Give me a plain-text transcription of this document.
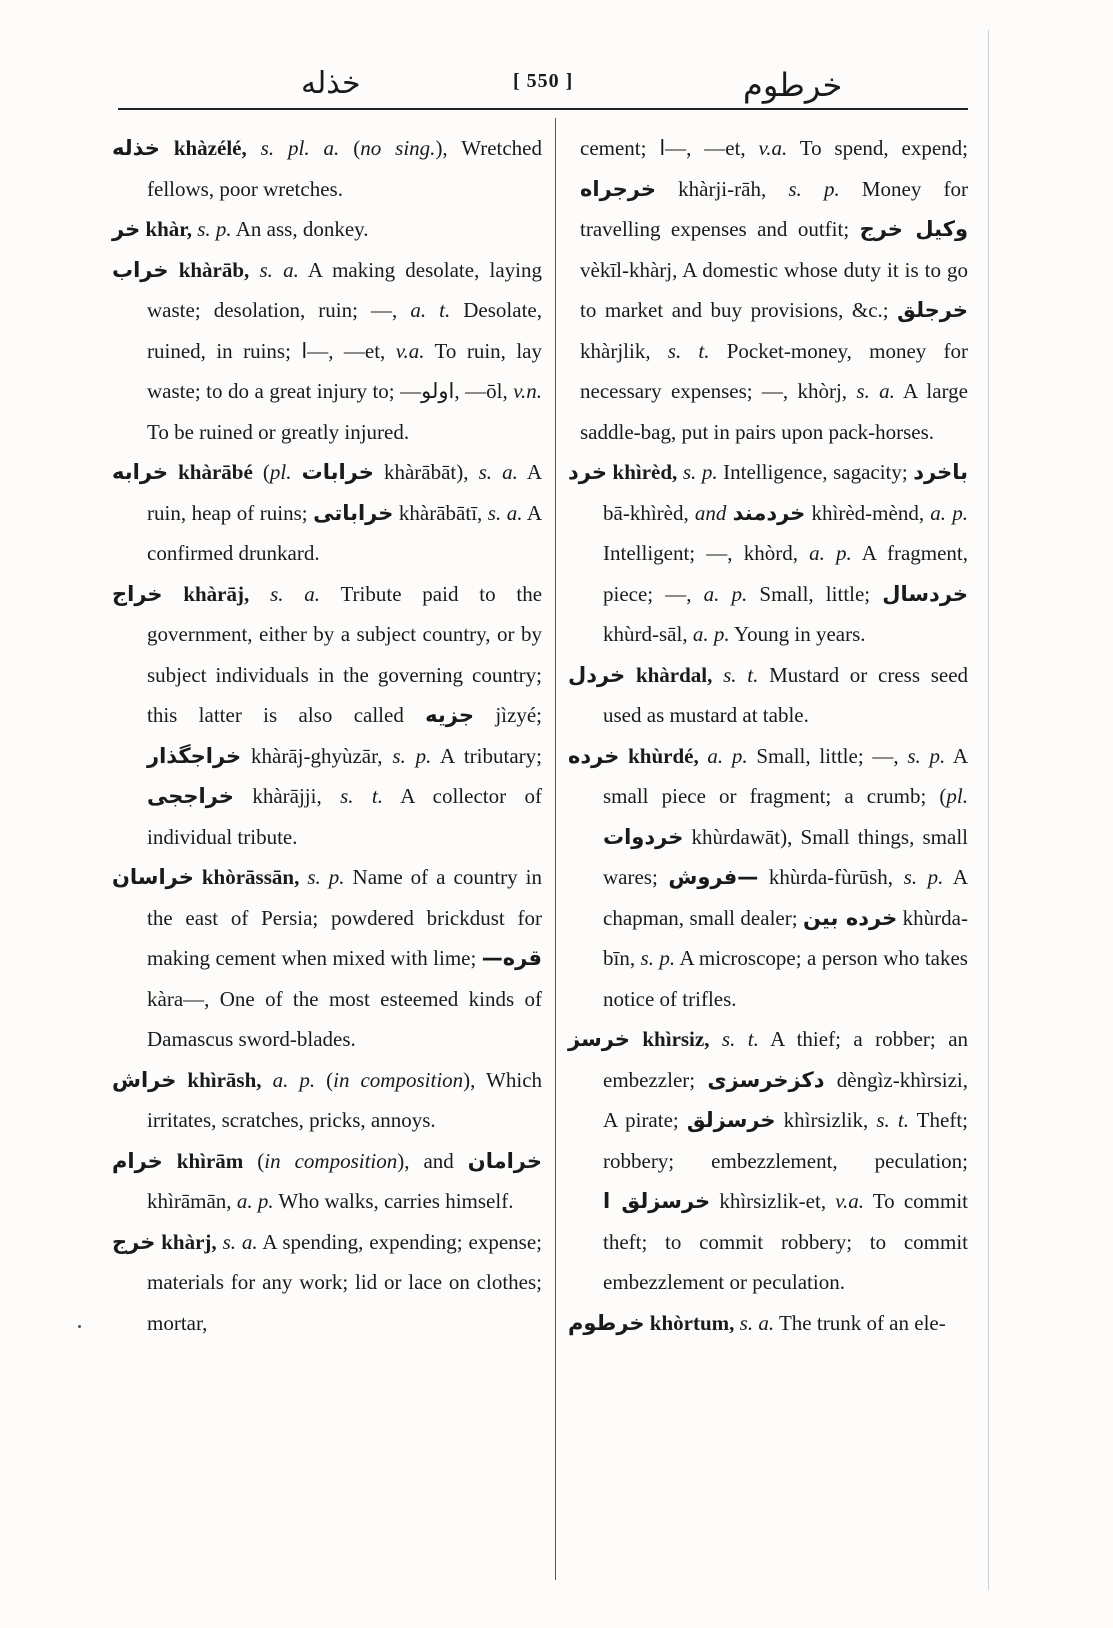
خذله	[ 550 ]	خرطوم

خذله khàzélé, s. pl. a. (no sing.), Wretched fellows, poor wretches.

خر khàr, s. p. An ass, donkey.

خراب khàrāb, s. a. A making desolate, laying waste; desolation, ruin; —, a. t. Desolate, ruined, in ruins; ا—, —et, v.a. To ruin, lay waste; to do a great injury to; —اولو, —ōl, v.n. To be ruined or greatly injured.

خرابه khàrābé (pl. خرابات khàrābāt), s. a. A ruin, heap of ruins; خراباتی khàrābātī, s. a. A confirmed drunkard.

خراج khàrāj, s. a. Tribute paid to the government, either by a subject country, or by subject individuals in the governing country; this latter is also called جزیه jìzyé; خراجگذار khàrāj-ghyùzār, s. p. A tributary; خراججی khàrājji, s. t. A collector of individual tribute.

خراسان khòrāssān, s. p. Name of a country in the east of Persia; powdered brickdust for making cement when mixed with lime; قره— kàra—, One of the most esteemed kinds of Damascus sword-blades.

خراش khìrāsh, a. p. (in composition), Which irritates, scratches, pricks, annoys.

خرام khìrām (in composition), and خرامان khìrāmān, a. p. Who walks, carries himself.

خرج khàrj, s. a. A spending, expending; expense; materials for any work; lid or lace on clothes; mortar,

cement; ا—, —et, v.a. To spend, expend; خرجراه khàrji-rāh, s. p. Money for travelling expenses and outfit; وکیل خرج vèkīl-khàrj, A domestic whose duty it is to go to market and buy provisions, &c.; خرجلق khàrjlik, s. t. Pocket-money, money for necessary expenses; —, khòrj, s. a. A large saddle-bag, put in pairs upon pack-horses.

خرد khìrèd, s. p. Intelligence, sagacity; باخرد bā-khìrèd, and خردمند khìrèd-mènd, a. p. Intelligent; —, khòrd, a. p. A fragment, piece; —, a. p. Small, little; خردسال khùrd-sāl, a. p. Young in years.

خردل khàrdal, s. t. Mustard or cress seed used as mustard at table.

خرده khùrdé, a. p. Small, little; —, s. p. A small piece or fragment; a crumb; (pl. خردوات khùrdawāt), Small things, small wares; —فروش khùrda-fùrūsh, s. p. A chapman, small dealer; خرده بین khùrda-bīn, s. p. A microscope; a person who takes notice of trifles.

خرسز khìrsiz, s. t. A thief; a robber; an embezzler; دکزخرسزی dèngìz-khìrsizi, A pirate; خرسزلق khìrsizlik, s. t. Theft; robbery; embezzlement, peculation; خرسزلق ا khìrsizlik-et, v.a. To commit theft; to commit robbery; to commit embezzlement or peculation.

خرطوم khòrtum, s. a. The trunk of an ele-
